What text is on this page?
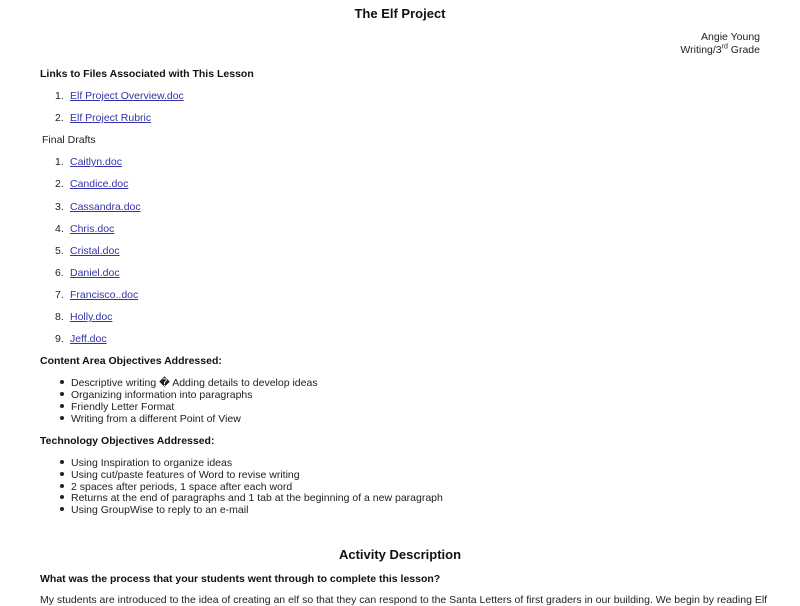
The Elf Project
Angie Young
Writing/3rd Grade
Links to Files Associated with This Lesson
1. Elf Project Overview.doc
2. Elf Project Rubric
Final Drafts
1. Caitlyn.doc
2. Candice.doc
3. Cassandra.doc
4. Chris.doc
5. Cristal.doc
6. Daniel.doc
7. Francisco..doc
8. Holly.doc
9. Jeff.doc
Content Area Objectives Addressed:
Descriptive writing � Adding details to develop ideas
Organizing information into paragraphs
Friendly Letter Format
Writing from a different Point of View
Technology Objectives Addressed:
Using Inspiration to organize ideas
Using cut/paste features of Word to revise writing
2 spaces after periods, 1 space after each word
Returns at the end of paragraphs and 1 tab at the beginning of a new paragraph
Using GroupWise to reply to an e-mail
Activity Description
What was the process that your students went through to complete this lesson?
My students are introduced to the idea of creating an elf so that they can respond to the Santa Letters of first graders in our building. We begin by reading Elf
